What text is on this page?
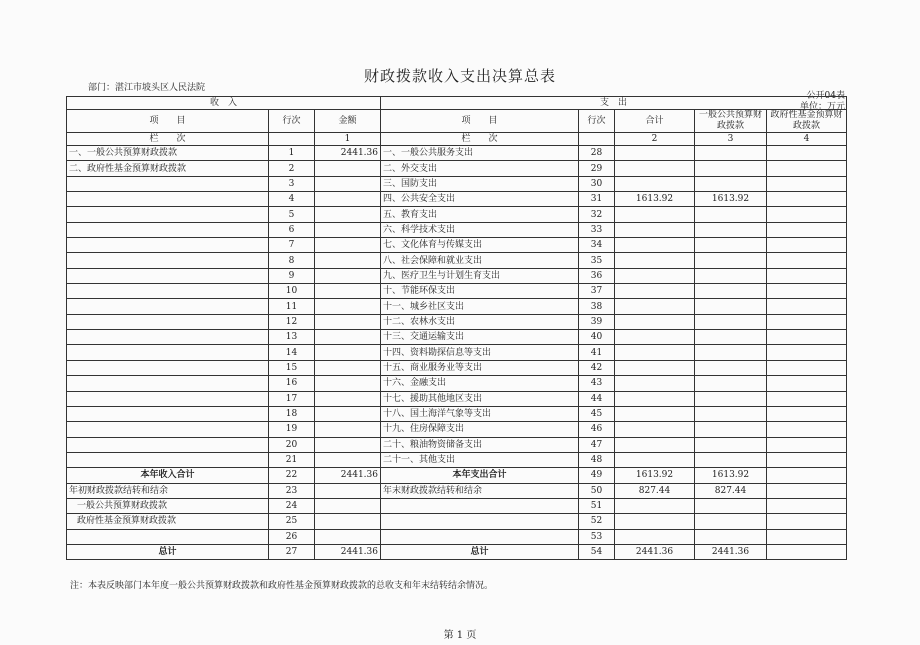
财政拨款收入支出决算总表
部门：湛江市坡头区人民法院
公开04表
单位：万元
收　入			支　出				
项　　目	行次	金额	项　　目	行次	合计	一般公共预算财政拨款	政府性基金预算财政拨款
栏　　次		1	栏　　次		2	3	4
一、一般公共预算财政拨款	1	2441.36	一、一般公共服务支出	28			
二、政府性基金预算财政拨款	2		二、外交支出	29			
	3		三、国防支出	30			
	4		四、公共安全支出	31	1613.92	1613.92	
	5		五、教育支出	32			
	6		六、科学技术支出	33			
	7		七、文化体育与传媒支出	34			
	8		八、社会保障和就业支出	35			
	9		九、医疗卫生与计划生育支出	36			
	10		十、节能环保支出	37			
	11		十一、城乡社区支出	38			
	12		十二、农林水支出	39			
	13		十三、交通运输支出	40			
	14		十四、资料勘探信息等支出	41			
	15		十五、商业服务业等支出	42			
	16		十六、金融支出	43			
	17		十七、援助其他地区支出	44			
	18		十八、国土海洋气象等支出	45			
	19		十九、住房保障支出	46			
	20		二十、粮油物资储备支出	47			
	21		二十一、其他支出	48			
本年收入合计	22	2441.36	本年支出合计	49	1613.92	1613.92	
年初财政拨款结转和结余	23		年末财政拨款结转和结余	50	827.44	827.44	
一般公共预算财政拨款	24			51			
政府性基金预算财政拨款	25			52			
	26			53			
总计	27	2441.36	总计	54	2441.36	2441.36	
注：本表反映部门本年度一般公共预算财政拨款和政府性基金预算财政拨款的总收支和年末结转结余情况。
第 1 页
